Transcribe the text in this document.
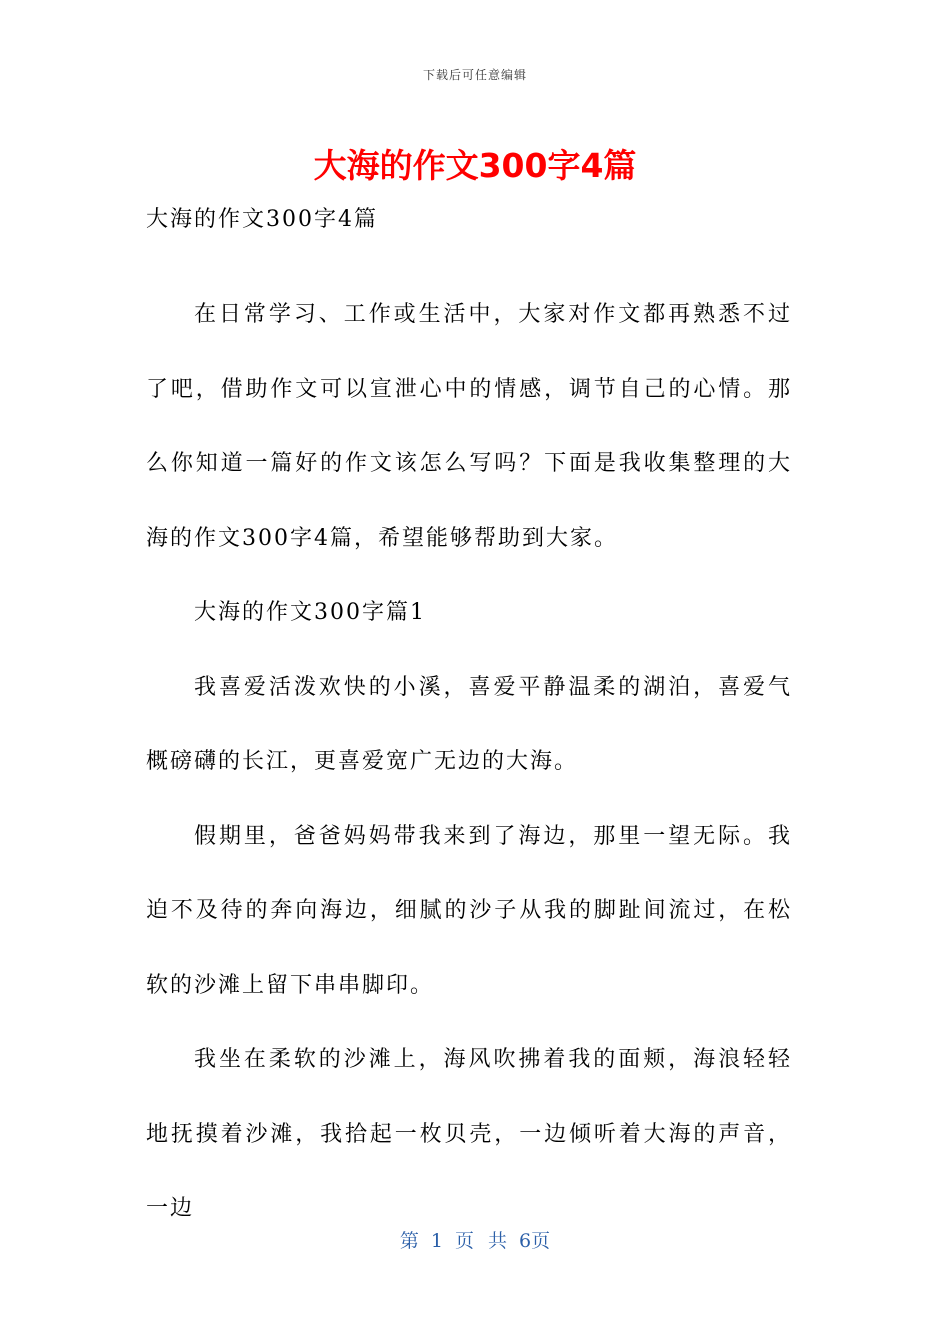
下载后可任意编辑
大海的作文300字4篇

大海的作文300字4篇

在日常学习、工作或生活中，大家对作文都再熟悉不过了吧，借助作文可以宣泄心中的情感，调节自己的心情。那么你知道一篇好的作文该怎么写吗？下面是我收集整理的大海的作文300字4篇，希望能够帮助到大家。

大海的作文300字篇1

我喜爱活泼欢快的小溪，喜爱平静温柔的湖泊，喜爱气概磅礴的长江，更喜爱宽广无边的大海。

假期里，爸爸妈妈带我来到了海边，那里一望无际。我迫不及待的奔向海边，细腻的沙子从我的脚趾间流过，在松软的沙滩上留下串串脚印。

我坐在柔软的沙滩上，海风吹拂着我的面颊，海浪轻轻地抚摸着沙滩，我拾起一枚贝壳，一边倾听着大海的声音，一边

第 1 页 共 6页
